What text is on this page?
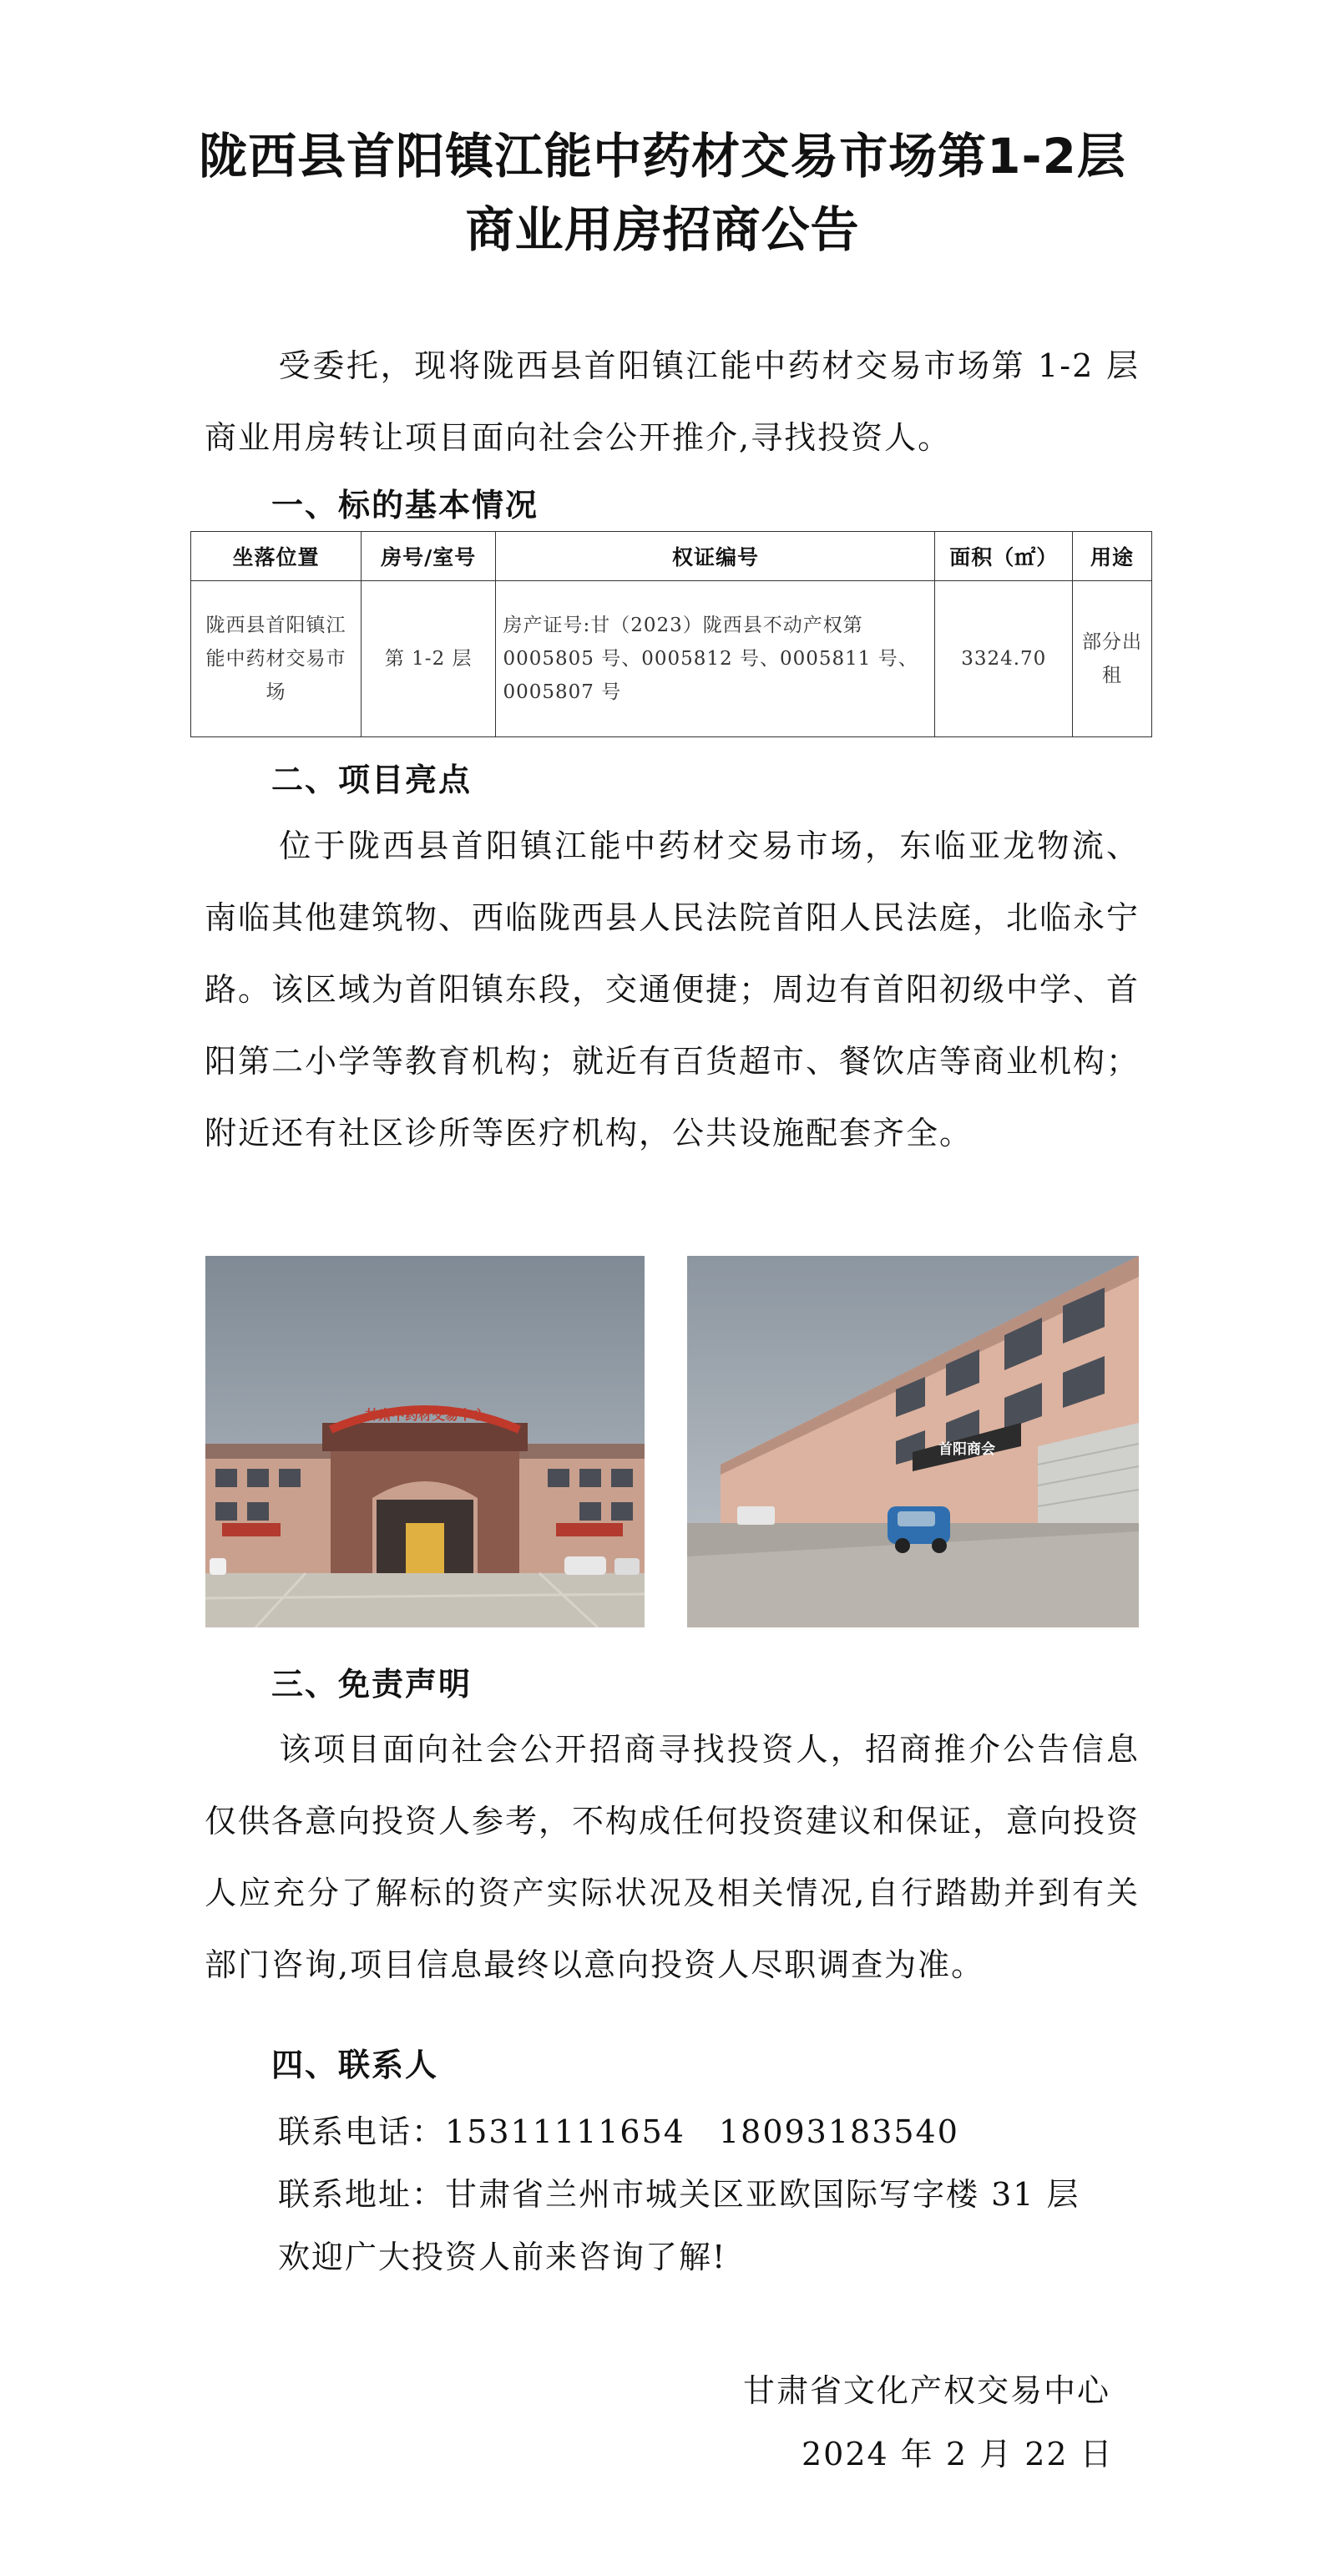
陇西县首阳镇江能中药材交易市场第1-2层
商业用房招商公告
受委托，现将陇西县首阳镇江能中药材交易市场第 1-2 层商业用房转让项目面向社会公开推介,寻找投资人。
一、标的基本情况
坐落位置	房号/室号	权证编号	面积（㎡）	用途
陇西县首阳镇江能中药材交易市场	第 1-2 层	房产证号:甘（2023）陇西县不动产权第 0005805 号、0005812 号、0005811 号、0005807 号	3324.70	部分出租
二、项目亮点
位于陇西县首阳镇江能中药材交易市场，东临亚龙物流、南临其他建筑物、西临陇西县人民法院首阳人民法庭，北临永宁路。该区域为首阳镇东段，交通便捷；周边有首阳初级中学、首阳第二小学等教育机构；就近有百货超市、餐饮店等商业机构；附近还有社区诊所等医疗机构，公共设施配套齐全。
甘肃中药材交易中心
首阳商会
三、免责声明
该项目面向社会公开招商寻找投资人，招商推介公告信息仅供各意向投资人参考，不构成任何投资建议和保证，意向投资人应充分了解标的资产实际状况及相关情况,自行踏勘并到有关部门咨询,项目信息最终以意向投资人尽职调查为准。
四、联系人
联系电话：15311111654 18093183540
联系地址：甘肃省兰州市城关区亚欧国际写字楼 31 层
欢迎广大投资人前来咨询了解!
甘肃省文化产权交易中心
2024 年 2 月 22 日
